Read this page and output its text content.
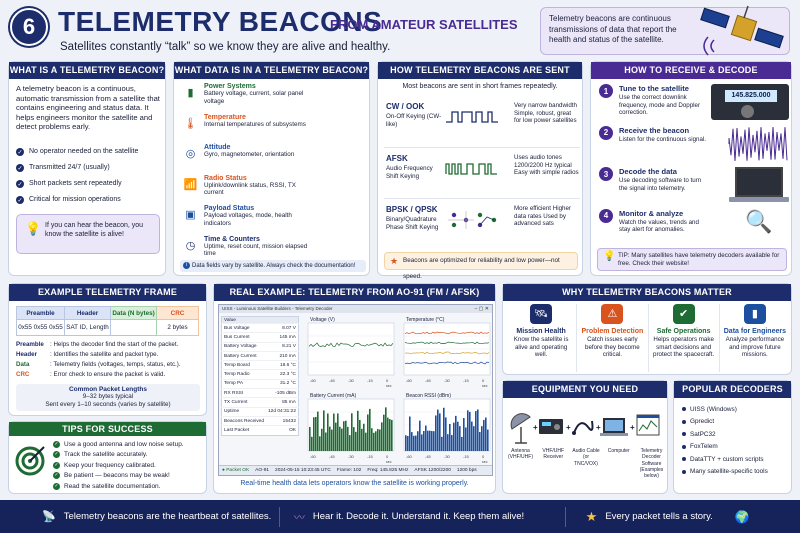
6 TELEMETRY BEACONS
FROM AMATEUR SATELLITES
Satellites constantly “talk” so we know they are alive and healthy.
Telemetry beacons are continuous transmissions of data that report the health and status of the satellite.
WHAT IS A TELEMETRY BEACON?
A telemetry beacon is a continuous, automatic transmission from a satellite that contains engineering and status data. It helps engineers monitor the satellite and detect problems early.
✓ No operator needed on the satellite
✓ Transmitted 24/7 (usually)
✓ Short packets sent repeatedly
✓ Critical for mission operations
💡 If you can hear the beacon, you know the satellite is alive!
WHAT DATA IS IN A TELEMETRY BEACON?
▮
Power Systems
Battery voltage, current, solar panel voltage
🌡
Temperature
Internal temperatures of subsystems
◎
Attitude
Gyro, magnetometer, orientation
📶
Radio Status
Uplink/downlink status, RSSI, TX current
▣
Payload Status
Payload voltages, mode, health indicators
◷
Time & Counters
Uptime, reset count, mission elapsed time
i Data fields vary by satellite. Always check the documentation!
HOW TELEMETRY BEACONS ARE SENT
Most beacons are sent in short frames repeatedly.
CW / OOK
On-Off Keying (CW-like)
Very narrow bandwidth Simple, robust, great for low power satellites
AFSK
Audio Frequency Shift Keying
Uses audio tones 1200/2200 Hz typical Easy with simple radios
BPSK / QPSK
Binary/Quadrature Phase Shift Keying
More efficient Higher data rates Used by advanced sats
★ Beacons are optimized for reliability and low power—not speed.
HOW TO RECEIVE & DECODE
1	Tune to the satellite
Use the correct downlink frequency, mode and Doppler correction.
145.825.000
2	Receive the beacon
Listen for the continuous signal.
3	Decode the data
Use decoding software to turn the signal into telemetry.
4	Monitor & analyze
Watch the values, trends and stay alert for anomalies.	🔍
💡 TIP: Many satellites have telemetry decoders available for free. Check their website!
EXAMPLE TELEMETRY FRAME
Preamble	Header	Data (N bytes)	CRC
0x55 0x55 0x55	SAT ID, Length		2 bytes
Preamble : Helps the decoder find the start of the packet.
Header	: Identifies the satellite and packet type.
Data	: Telemetry fields (voltages, temps, status, etc.).
CRC	: Error check to ensure the packet is valid.
Common Packet Lengths
9–32 bytes typical
Sent every 1–10 seconds (varies by satellite)
TIPS FOR SUCCESS
✓ Use a good antenna and low noise setup.
✓ Track the satellite accurately.
✓ Keep your frequency calibrated.
✓ Be patient — beacons may be weak!
✓ Read the satellite documentation.
REAL EXAMPLE: TELEMETRY FROM AO-91 (FM / AFSK)
UISS - Luminous Satellite Builders - Telemetry Decoder	– ▢ ✕
Value	
Bus Voltage	8.07 V
Bus Current	145 mA
Battery Voltage	8.21 V
Battery Current	210 mA
Temp Board	18.6 °C
Temp Radio	22.3 °C
Temp PA	31.2 °C
RX RSSI	-105 dBm
TX Current	85 mA
Uptime	12d 04:31:22
Beacons Received	15432
Last Packet	OK
Voltage (V)
-60	-45	-30	-15	0
sec
Temperature (°C)
-60	-45	-30	-15	0
sec
Battery Current (mA)
-60	-45	-30	-15	0
sec
Beacon RSSI (dBm)
-60	-45	-30	-15	0
sec
● Packet OK AO-91 2024-05-15 10:23:45 UTC Frame: 102 Freq: 145.825 MHz AFSK 1200/2200 1200 bps
Real-time health data lets operators know the satellite is working properly.
WHY TELEMETRY BEACONS MATTER
🛰
Mission Health
Know the satellite is alive and operating well.
⚠
Problem Detection
Catch issues early before they become critical.
✔
Safe Operations
Helps operators make smart decisions and protect the spacecraft.
▮
Data for Engineers
Analyze performance and improve future missions.
EQUIPMENT YOU NEED
+	+	+	+
Antenna (VHF/UHF)
VHF/UHF Receiver
Audio Cable (or TNC/VOX)
Computer	Telemetry Decoder Software (Examples below)
POPULAR DECODERS
UISS (Windows)
Gpredict
SatPC32
FoxTelem
DataTTY + custom scripts
Many satellite-specific tools
📡 Telemetry beacons are the heartbeat of satellites. 〰 Hear it. Decode it. Understand it. Keep them alive!	★ Every packet tells a story. 🌍
